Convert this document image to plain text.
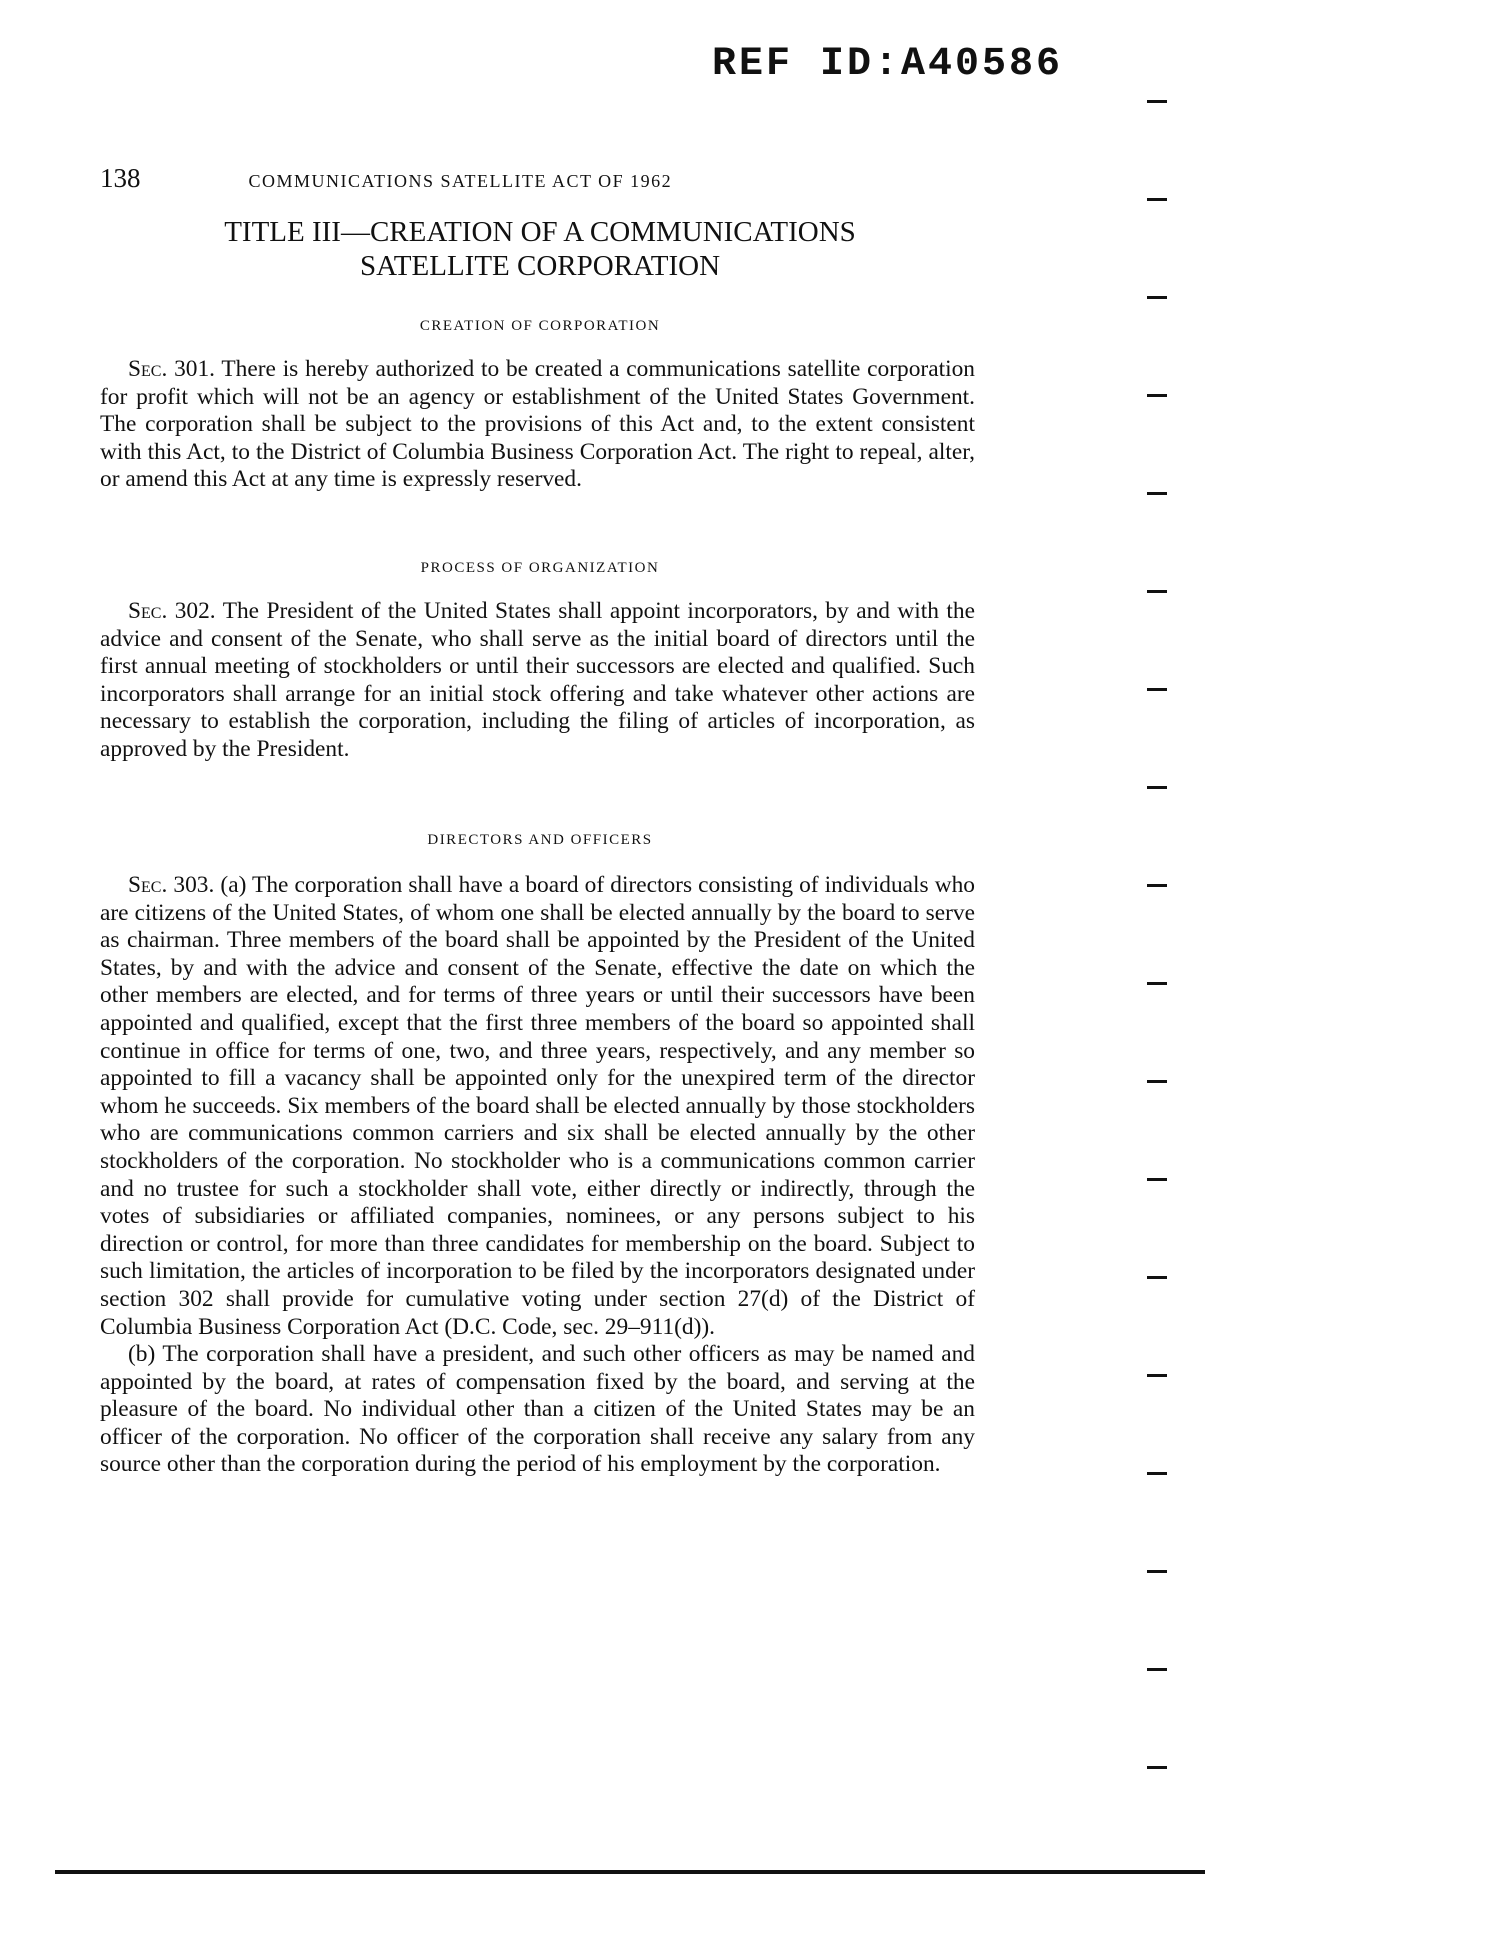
REF ID:A40586
138	COMMUNICATIONS SATELLITE ACT OF 1962
TITLE III—CREATION OF A COMMUNICATIONS
SATELLITE CORPORATION
CREATION OF CORPORATION

Sec. 301. There is hereby authorized to be created a communications satellite corporation for profit which will not be an agency or establishment of the United States Government. The corporation shall be subject to the provisions of this Act and, to the extent consistent with this Act, to the District of Columbia Business Corporation Act. The right to repeal, alter, or amend this Act at any time is expressly reserved.

PROCESS OF ORGANIZATION

Sec. 302. The President of the United States shall appoint incorporators, by and with the advice and consent of the Senate, who shall serve as the initial board of directors until the first annual meeting of stockholders or until their successors are elected and qualified. Such incorporators shall arrange for an initial stock offering and take whatever other actions are necessary to establish the corporation, including the filing of articles of incorporation, as approved by the President.

DIRECTORS AND OFFICERS

Sec. 303. (a) The corporation shall have a board of directors consisting of individuals who are citizens of the United States, of whom one shall be elected annually by the board to serve as chairman. Three members of the board shall be appointed by the President of the United States, by and with the advice and consent of the Senate, effective the date on which the other members are elected, and for terms of three years or until their successors have been appointed and qualified, except that the first three members of the board so appointed shall continue in office for terms of one, two, and three years, respectively, and any member so appointed to fill a vacancy shall be appointed only for the unexpired term of the director whom he succeeds. Six members of the board shall be elected annually by those stockholders who are communications common carriers and six shall be elected annually by the other stockholders of the corporation. No stockholder who is a communications common carrier and no trustee for such a stockholder shall vote, either directly or indirectly, through the votes of subsidiaries or affiliated companies, nominees, or any persons subject to his direction or control, for more than three candidates for membership on the board. Subject to such limitation, the articles of incorporation to be filed by the incorporators designated under section 302 shall provide for cumulative voting under section 27(d) of the District of Columbia Business Corporation Act (D.C. Code, sec. 29–911(d)).

(b) The corporation shall have a president, and such other officers as may be named and appointed by the board, at rates of compensation fixed by the board, and serving at the pleasure of the board. No individual other than a citizen of the United States may be an officer of the corporation. No officer of the corporation shall receive any salary from any source other than the corporation during the period of his employment by the corporation.
